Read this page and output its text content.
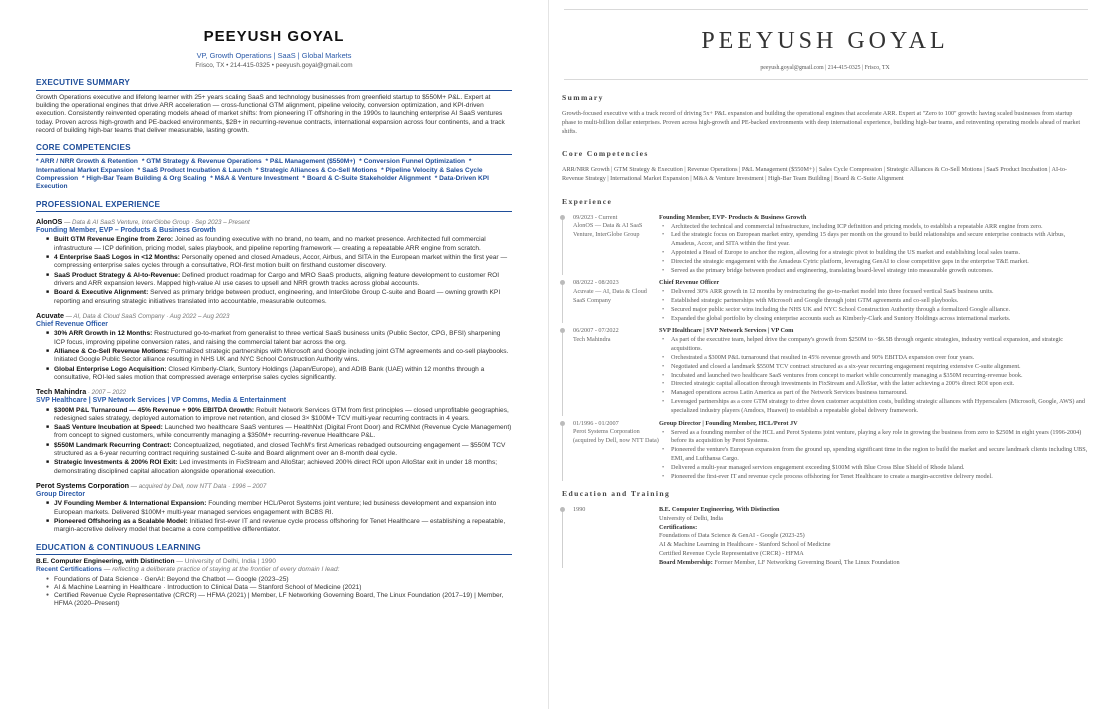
PEEYUSH GOYAL
VP, Growth Operations | SaaS | Global Markets
Frisco, TX • 214-415-0325 • peeyush.goyal@gmail.com
EXECUTIVE SUMMARY
Growth Operations executive and lifelong learner with 25+ years scaling SaaS and technology businesses from greenfield startup to $550M+ P&L. Expert at building the operational engines that drive ARR acceleration — cross-functional GTM alignment, pipeline velocity, conversion optimization, and KPI-driven execution. Consistently reinvented operating models ahead of market shifts: from pioneering IT offshoring in the 1990s to launching enterprise AI SaaS ventures today. Proven across high-growth and PE-backed environments, $2B+ in recurring-revenue contracts, international expansion across four continents, and a track record of building high-bar teams that deliver measurable, lasting growth.
CORE COMPETENCIES
* ARR / NRR Growth & Retention * GTM Strategy & Revenue Operations * P&L Management ($550M+) * Conversion Funnel Optimization * International Market Expansion * SaaS Product Incubation & Launch * Strategic Alliances & Co-Sell Motions * Pipeline Velocity & Sales Cycle Compression * High-Bar Team Building & Org Scaling * M&A & Venture Investment * Board & C-Suite Stakeholder Alignment * Data-Driven KPI Execution
PROFESSIONAL EXPERIENCE
AlonOS — Data & AI SaaS Venture, InterGlobe Group · Sep 2023 – Present
Founding Member, EVP – Products & Business Growth
■ Built GTM Revenue Engine from Zero: Joined as founding executive with no brand, no team, and no market presence. Architected full commercial infrastructure — ICP definition, pricing model, sales playbook, and pipeline reporting framework — creating a repeatable ARR engine from scratch.
■ 4 Enterprise SaaS Logos in <12 Months: Personally opened and closed Amadeus, Accor, Airbus, and SITA in the European market within the first year — compressing enterprise sales cycles through a consultative, ROI-first motion built on firsthand customer discovery.
■ SaaS Product Strategy & AI-to-Revenue: Defined product roadmap for Cargo and MRO SaaS products, aligning feature development to customer ROI drivers and ARR expansion levers. Mapped high-value AI use cases to upsell and NRR growth tracks across global accounts.
■ Board & Executive Alignment: Served as primary bridge between product, engineering, and InterGlobe Group C-suite and Board — owning growth KPI reporting and ensuring strategic initiatives translated into accountable, measurable outcomes.
Acuvate — AI, Data & Cloud SaaS Company · Aug 2022 – Aug 2023
Chief Revenue Officer
■ 30% ARR Growth in 12 Months: Restructured go-to-market from generalist to three vertical SaaS business units (Public Sector, CPG, BFSI) sharpening ICP focus, improving pipeline conversion rates, and raising the commercial talent bar across the org.
■ Alliance & Co-Sell Revenue Motions: Formalized strategic partnerships with Microsoft and Google including joint GTM agreements and co-sell playbooks. Initiated Google Public Sector alliance resulting in NHS UK and NYC School Construction Authority wins.
■ Global Enterprise Logo Acquisition: Closed Kimberly-Clark, Suntory Holdings (Japan/Europe), and ADIB Bank (UAE) within 12 months through a consultative, ROI-led sales motion that compressed average enterprise sales cycles significantly.
Tech Mahindra · 2007 – 2022
SVP Healthcare | SVP Network Services | VP Comms, Media & Entertainment
■ $300M P&L Turnaround — 45% Revenue + 90% EBITDA Growth: Rebuilt Network Services GTM from first principles — closed unprofitable geographies, redesigned sales strategy, deployed automation to improve net retention, and closed 3× $100M+ TCV multi-year recurring contracts in 4 years.
■ SaaS Venture Incubation at Speed: Launched two healthcare SaaS ventures — HealthNxt (Digital Front Door) and RCMNxt (Revenue Cycle Management) from concept to signed customers, while concurrently managing a $350M+ recurring-revenue Healthcare P&L.
■ $550M Landmark Recurring Contract: Conceptualized, negotiated, and closed TechM's first Americas rebadged outsourcing engagement — $550M TCV structured as a 6-year recurring contract requiring sustained C-suite and Board alignment over an 8-month deal cycle.
■ Strategic Investments & 200% ROI Exit: Led investments in FixStream and AlloStar; achieved 200% direct ROI upon AlloStar exit in under 18 months; demonstrating disciplined capital allocation alongside operational execution.
Perot Systems Corporation — acquired by Dell, now NTT Data · 1996 – 2007
Group Director
■ JV Founding Member & International Expansion: Founding member HCL/Perot Systems joint venture; led business development and expansion into European markets. Delivered $100M+ multi-year managed services engagement with BCBS RI.
■ Pioneered Offshoring as a Scalable Model: Initiated first-ever IT and revenue cycle process offshoring for Tenet Healthcare — establishing a repeatable, margin-accretive delivery model that became a core competitive differentiator.
EDUCATION & CONTINUOUS LEARNING
B.E. Computer Engineering, with Distinction — University of Delhi, India | 1990
Recent Certifications — reflecting a deliberate practice of staying at the frontier of every domain I lead:
● Foundations of Data Science · GenAI: Beyond the Chatbot — Google (2023–25)
● AI & Machine Learning in Healthcare · Introduction to Clinical Data — Stanford School of Medicine (2021)
● Certified Revenue Cycle Representative (CRCR) — HFMA (2021) | Member, LF Networking Governing Board, The Linux Foundation (2017–19) | Member, HFMA (2020–Present)
PEEYUSH GOYAL
peeyush.goyal@gmail.com | 214-415-0325 | Frisco, TX
Summary
Growth-focused executive with a track record of driving 5x+ P&L expansion and building the operational engines that accelerate ARR. Expert at "Zero to 100" growth: having scaled businesses from startup phase to multi-billion dollar enterprises. Proven across high-growth and PE-backed environments with deep international experience, building high-bar teams, and reinventing operating models ahead of market shifts.
Core Competencies
ARR/NRR Growth | GTM Strategy & Execution | Revenue Operations | P&L Management ($550M+) | Sales Cycle Compression | Strategic Alliances & Co-Sell Motions | SaaS Product Incubation | AI-to-Revenue Strategy | International Market Expansion | M&A & Venture Investment | High-Bar Team Building | Board & C-Suite Alignment
Experience
09/2023 - Current
AlonOS — Data & AI SaaS Venture, InterGlobe Group
Founding Member, EVP- Products & Business Growth
• Architected the technical and commercial infrastructure, including ICP definition and pricing models, to establish a repeatable ARR engine from zero.
• Led the strategic focus on European market entry, spending 15 days per month on the ground to build relationships and secure enterprise contracts with Airbus, Amadeus, Accor, and SITA within the first year.
• Appointed a Head of Europe to anchor the region, allowing for a strategic pivot to building the US market and establishing local sales teams.
• Directed the strategic engagement with the Amadeus Cytric platform, leveraging GenAI to close competitive gaps in the enterprise T&E market.
• Served as the primary bridge between product and engineering, translating board-level strategy into measurable growth outcomes.
08/2022 - 08/2023
Acuvate — AI, Data & Cloud SaaS Company
Chief Revenue Officer
• Delivered 30% ARR growth in 12 months by restructuring the go-to-market model into three focused vertical SaaS business units.
• Established strategic partnerships with Microsoft and Google through joint GTM agreements and co-sell playbooks.
• Secured major public sector wins including the NHS UK and NYC School Construction Authority through a formalized Google alliance.
• Expanded the global portfolio by closing enterprise accounts such as Kimberly-Clark and Suntory Holdings across international markets.
06/2007 - 07/2022
Tech Mahindra
SVP Healthcare | SVP Network Services | VP Com
• As part of the executive team, helped drive the company's growth from $250M to ~$6.5B through organic strategies, industry vertical expansion, and strategic acquisitions.
• Orchestrated a $300M P&L turnaround that resulted in 45% revenue growth and 90% EBITDA expansion over four years.
• Negotiated and closed a landmark $550M TCV contract structured as a six-year recurring engagement requiring extensive C-suite alignment.
• Incubated and launched two healthcare SaaS ventures from concept to market while concurrently managing a $350M recurring-revenue book.
• Directed strategic capital allocation through investments in FixStream and AlloStar, with the latter achieving a 200% direct ROI upon exit.
• Managed operations across Latin America as part of the Network Services business turnaround.
• Leveraged partnerships as a core GTM strategy to drive down customer acquisition costs, building strategic alliances with Hyperscalers (Microsoft, Google, AWS) and specialized industry players (Amdocs, Huawei) to establish a repeatable global delivery framework.
01/1996 - 01/2007
Perot Systems Corporation (acquired by Dell, now NTT Data)
Group Director | Founding Member, HCL/Perot JV
• Served as a founding member of the HCL and Perot Systems joint venture, playing a key role in growing the business from zero to $250M in eight years (1996-2004) before its acquisition by Perot Systems.
• Pioneered the venture's European expansion from the ground up, spending significant time in the region to build the market and secure landmark clients including UBS, EMI, and Lufthansa Cargo.
• Delivered a multi-year managed services engagement exceeding $100M with Blue Cross Blue Shield of Rhode Island.
• Pioneered the first-ever IT and revenue cycle process offshoring for Tenet Healthcare to create a margin-accretive delivery model.
Education and Training
1990	B.E. Computer Engineering, With Distinction
University of Delhi, India
Certifications:
Foundations of Data Science & GenAI - Google (2023-25)
AI & Machine Learning in Healthcare - Stanford School of Medicine
Certified Revenue Cycle Representative (CRCR) - HFMA
Board Membership: Former Member, LF Networking Governing Board, The Linux Foundation
